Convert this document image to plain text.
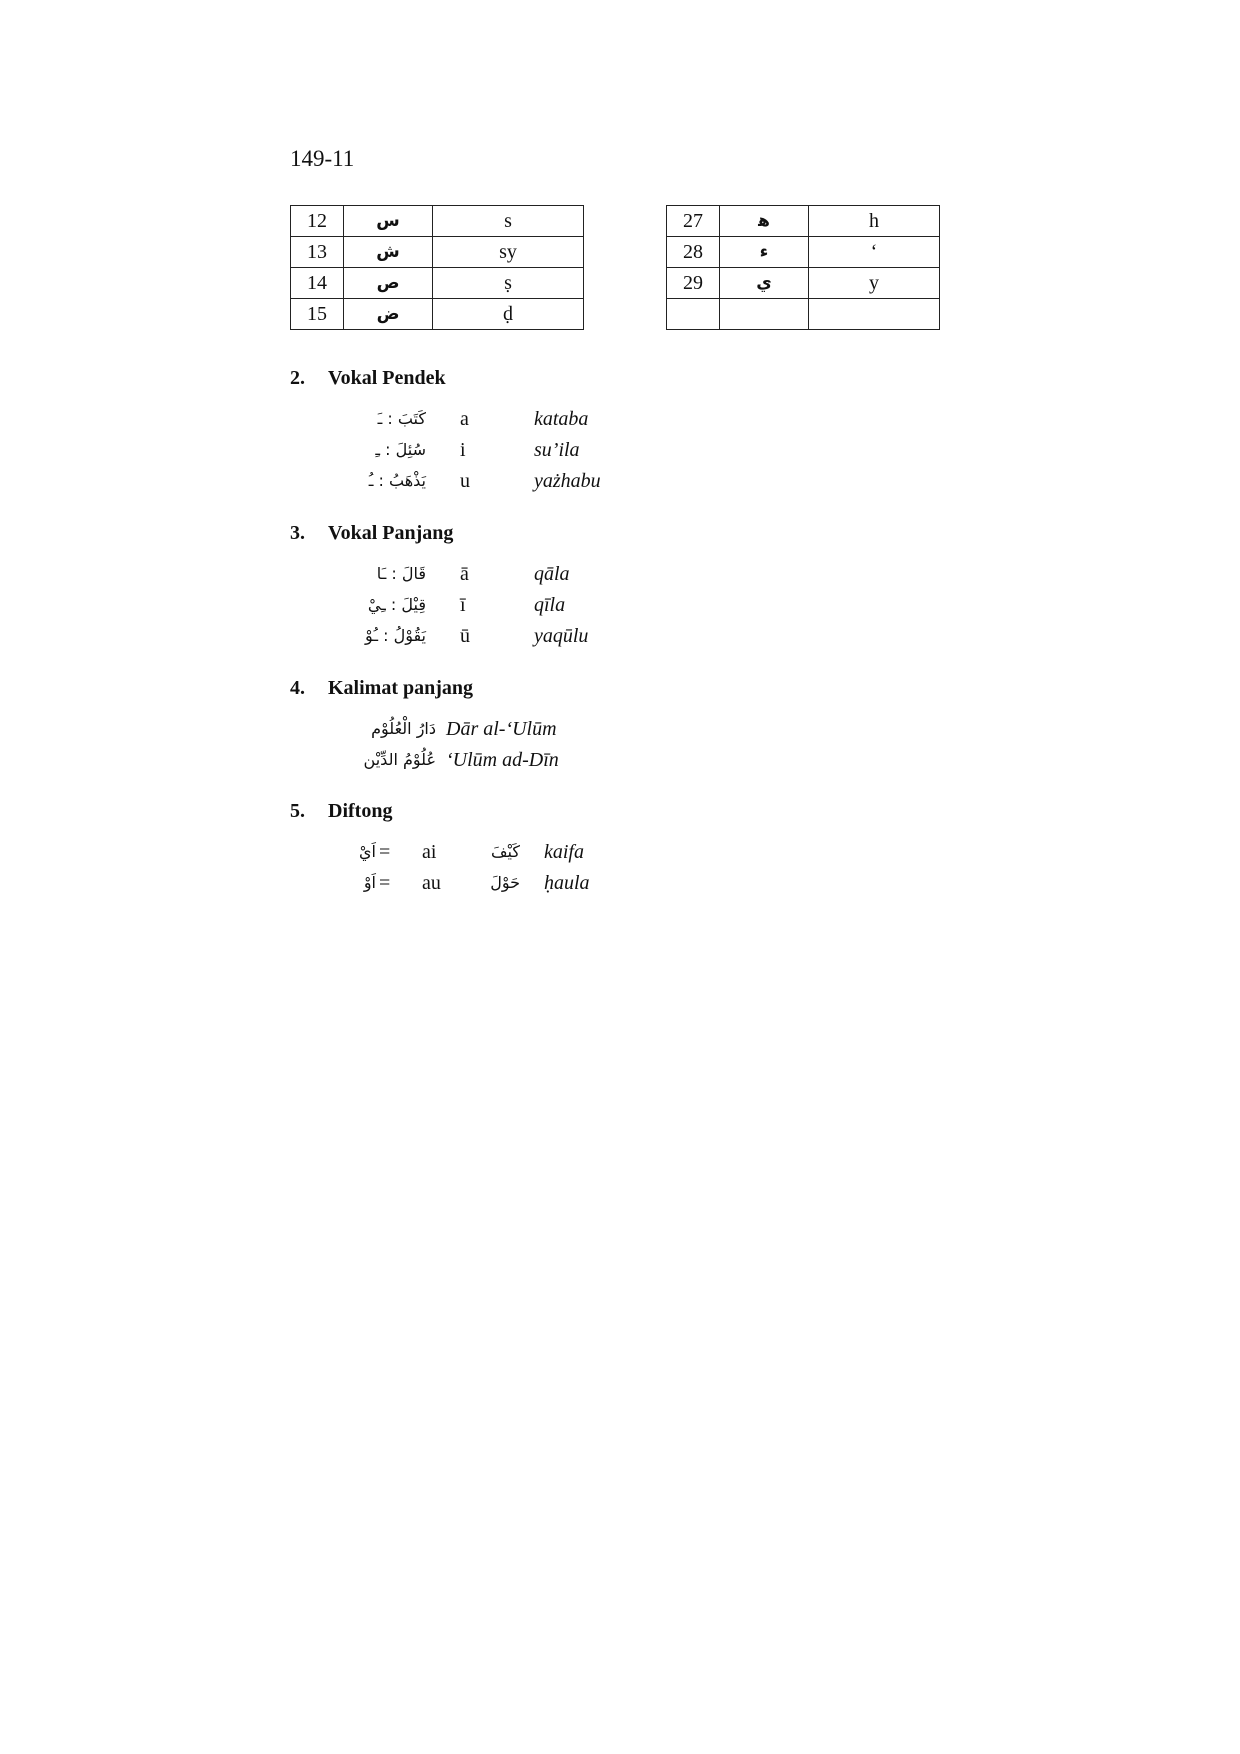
149-11
12	س	s
13	ش	sy
14	ص	ṣ
15	ض	ḍ
27	ﮬ	h
28	ء	‘
29	ي	y

2. Vokal Pendek
كَتَبَ : ـَ a	kataba
سُئِلَ : ـِ i	su’ila
يَذْهَبُ : ـُ u	yażhabu
3. Vokal Panjang
قَالَ : ـَا ā	qāla
قِيْلَ : ـِيْ ī	qīla
يَقُوْلُ : ـُوْ ū	yaqūlu
4. Kalimat panjang
دَارُ الْعُلُوْم Dār al-‘Ulūm
عُلُوْمُ الدِّيْن ‘Ulūm ad-Dīn
5. Diftong
اَيْ = ai	كَيْفَ kaifa
اَوْ = au	حَوْلَ ḥaula
